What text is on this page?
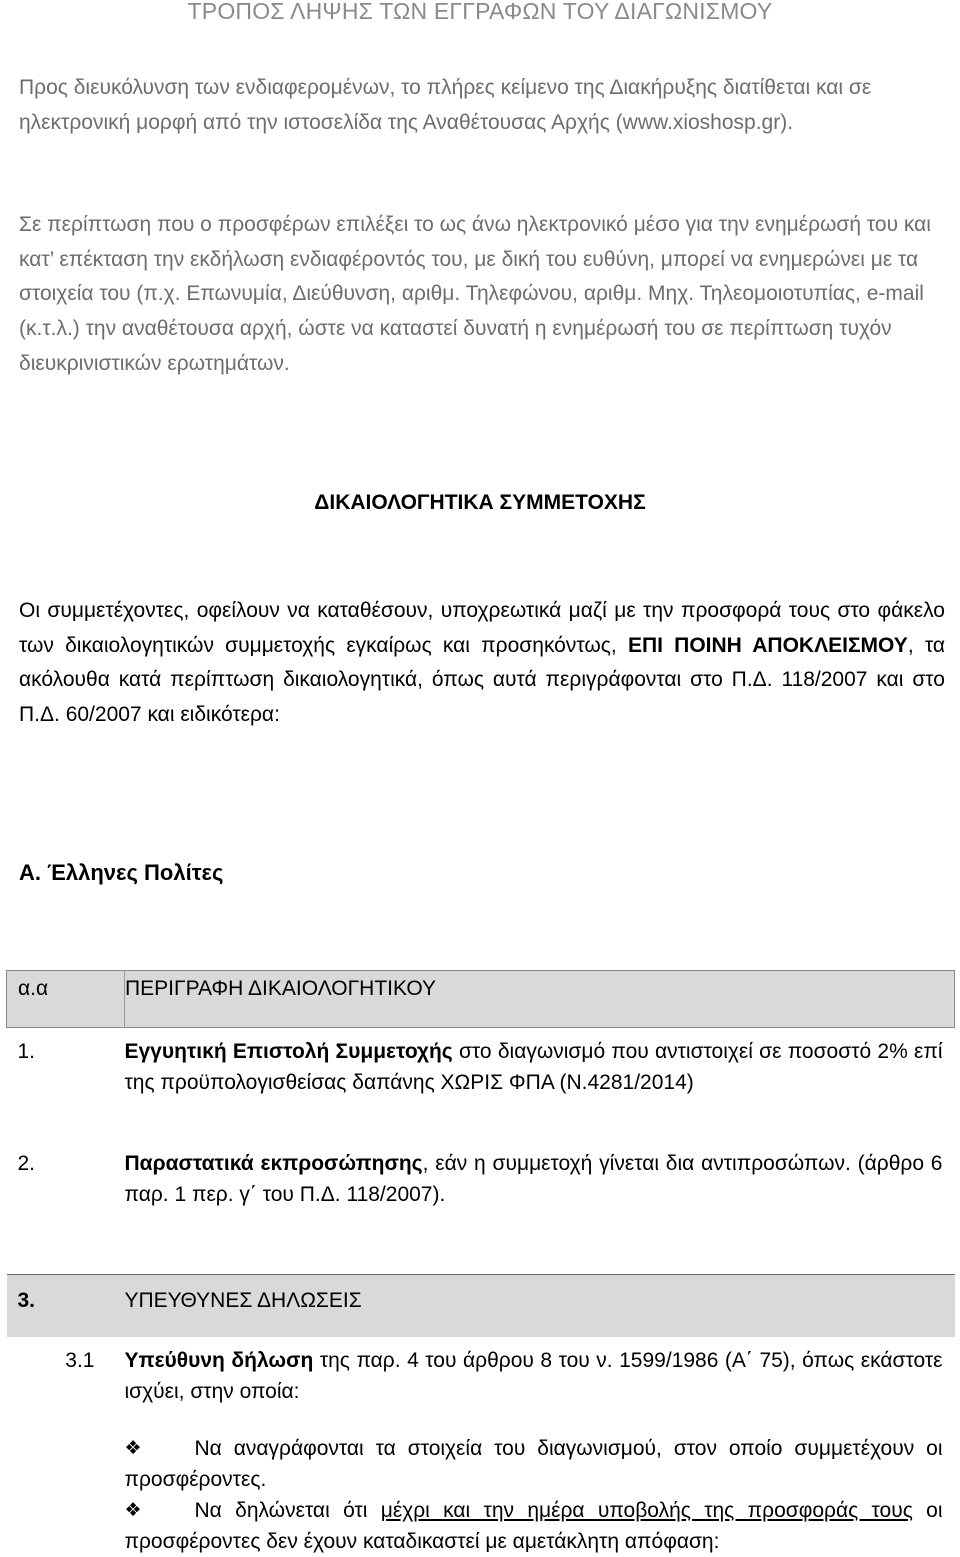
ΤΡΟΠΟΣ ΛΗΨΗΣ ΤΩΝ ΕΓΓΡΑΦΩΝ ΤΟΥ ΔΙΑΓΩΝΙΣΜΟΥ
Προς διευκόλυνση των ενδιαφερομένων, το πλήρες κείμενο της Διακήρυξης διατίθεται και σε ηλεκτρονική μορφή από την ιστοσελίδα της Αναθέτουσας Αρχής (www.xioshosp.gr).
Σε περίπτωση που ο προσφέρων επιλέξει το ως άνω ηλεκτρονικό μέσο για την ενημέρωσή του και κατ’ επέκταση την εκδήλωση ενδιαφέροντός του, με δική του ευθύνη, μπορεί να ενημερώνει με τα στοιχεία του (π.χ. Επωνυμία, Διεύθυνση, αριθμ. Τηλεφώνου, αριθμ. Μηχ. Τηλεομοιοτυπίας, e-mail (κ.τ.λ.) την αναθέτουσα αρχή, ώστε να καταστεί δυνατή η ενημέρωσή του σε περίπτωση τυχόν διευκρινιστικών ερωτημάτων.
ΔΙΚΑΙΟΛΟΓΗΤΙΚΑ ΣΥΜΜΕΤΟΧΗΣ
Οι συμμετέχοντες, οφείλουν να καταθέσουν, υποχρεωτικά μαζί με την προσφορά τους στο φάκελο των δικαιολογητικών συμμετοχής εγκαίρως και προσηκόντως, ΕΠΙ ΠΟΙΝΗ ΑΠΟΚΛΕΙΣΜΟΥ, τα ακόλουθα κατά περίπτωση δικαιολογητικά, όπως αυτά περιγράφονται στο Π.Δ. 118/2007 και στο Π.Δ. 60/2007 και ειδικότερα:
Α. Έλληνες Πολίτες
α.α	ΠΕΡΙΓΡΑΦΗ ΔΙΚΑΙΟΛΟΓΗΤΙΚΟΥ
1.	Εγγυητική Επιστολή Συμμετοχής στο διαγωνισμό που αντιστοιχεί σε ποσοστό 2% επί της προϋπολογισθείσας δαπάνης ΧΩΡΙΣ ΦΠΑ (Ν.4281/2014)
2.	Παραστατικά εκπροσώπησης, εάν η συμμετοχή γίνεται δια αντιπροσώπων. (άρθρο 6 παρ. 1 περ. γ΄ του Π.Δ. 118/2007).

3.	ΥΠΕΥΘΥΝΕΣ ΔΗΛΩΣΕΙΣ
3.1	Υπεύθυνη δήλωση της παρ. 4 του άρθρου 8 του ν. 1599/1986 (Α΄ 75), όπως εκάστοτε ισχύει, στην οποία:
	❖ Να αναγράφονται τα στοιχεία του διαγωνισμού, στον οποίο συμμετέχουν οι προσφέροντες.
	❖ Να δηλώνεται ότι μέχρι και την ημέρα υποβολής της προσφοράς τους οι προσφέροντες δεν έχουν καταδικαστεί με αμετάκλητη απόφαση:
